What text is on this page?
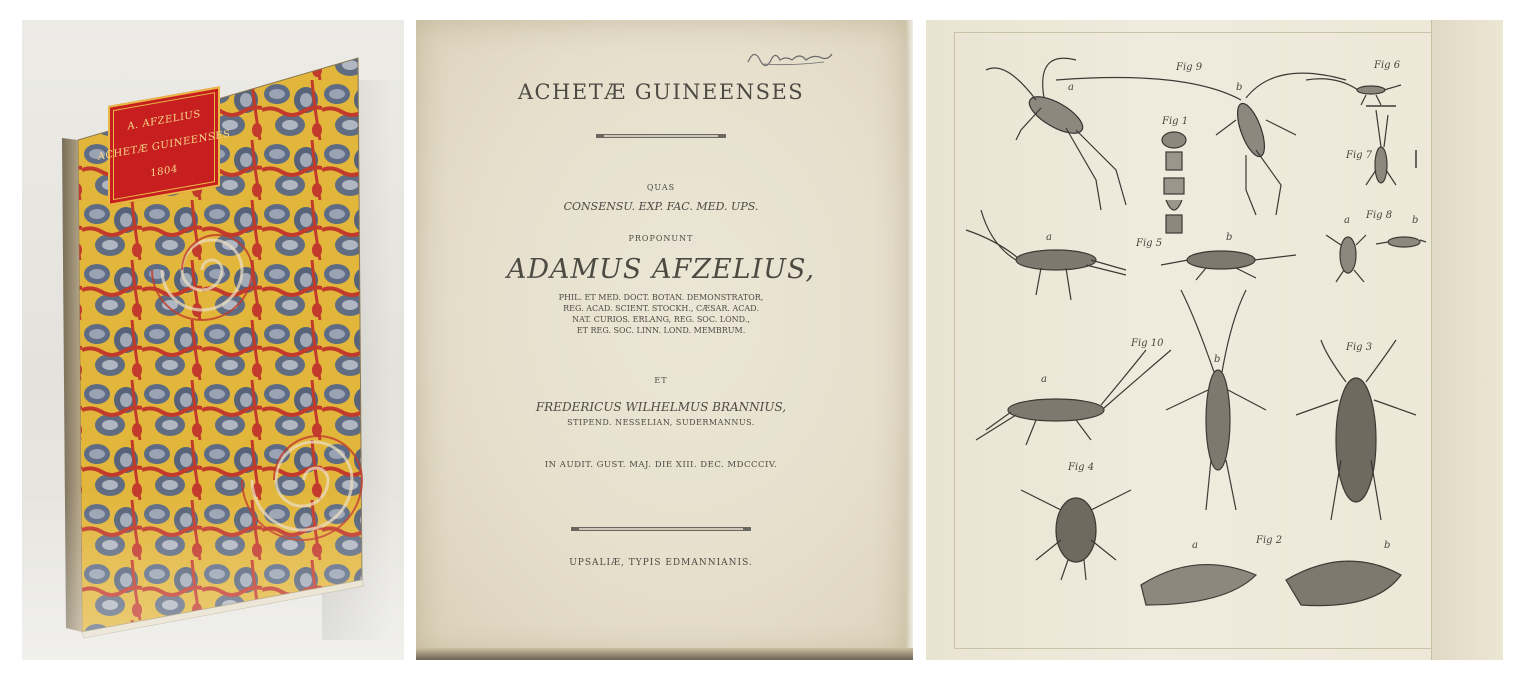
A. AFZELIUS
ACHETÆ GUINEENSES
1804
ACHETÆ GUINEENSES
QUAS
CONSENSU. EXP. FAC. MED. UPS.
PROPONUNT
ADAMUS AFZELIUS,
PHIL. ET MED. DOCT. BOTAN. DEMONSTRATOR,
REG. ACAD. SCIENT. STOCKH., CÆSAR. ACAD.
NAT. CURIOS. ERLANG, REG. SOC. LOND.,
ET REG. SOC. LINN. LOND. MEMBRUM.
ET
FREDERICUS WILHELMUS BRANNIUS,
STIPEND. NESSELIAN, SUDERMANNUS.
IN AUDIT. GUST. MAJ. DIE XIII. DEC. MDCCCIV.
UPSALIÆ, TYPIS EDMANNIANIS.
Fig 9
a	b
Fig 6
Fig 1
Fig 7
Fig 5
a	b
Fig 8
a	b
Fig 10
a
b
Fig 3
Fig 4
Fig 2
a	b
